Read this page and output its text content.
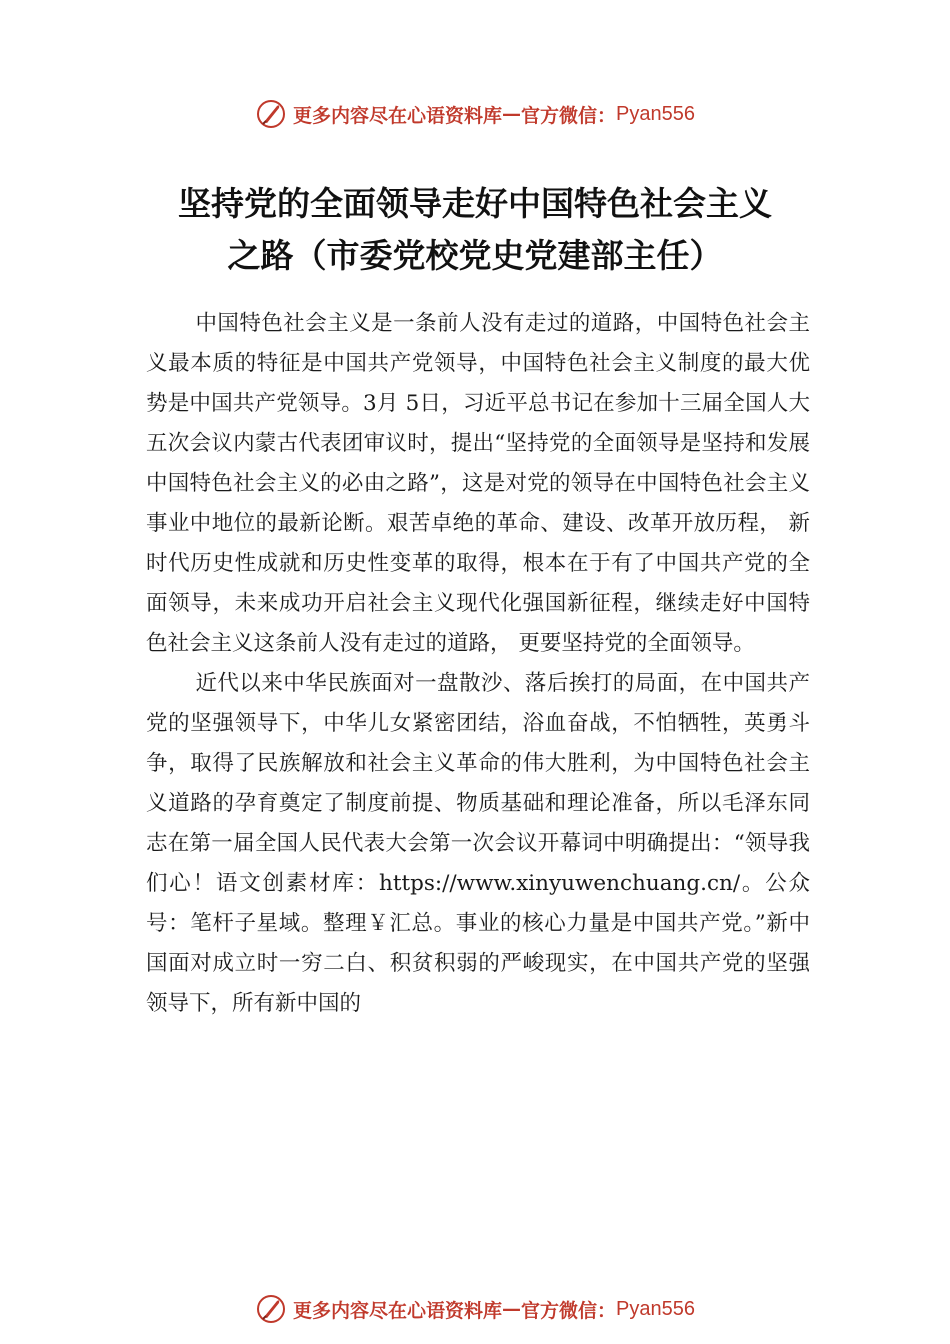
更多内容尽在心语资料库 — 官方微信： Pyan556
坚持党的全面领导走好中国特色社会主义
之路（市委党校党史党建部主任）

中国特色社会主义是一条前人没有走过的道路，中国特色社会主义最本质的特征是中国共产党领导，中国特色社会主义制度的最大优势是中国共产党领导。3月 5日，习近平总书记在参加十三届全国人大五次会议内蒙古代表团审议时，提出“坚持党的全面领导是坚持和发展中国特色社会主义的必由之路”，这是对党的领导在中国特色社会主义事业中地位的最新论断。艰苦卓绝的革命、建设、改革开放历程， 新时代历史性成就和历史性变革的取得，根本在于有了中国共产党的全面领导，未来成功开启社会主义现代化强国新征程，继续走好中国特色社会主义这条前人没有走过的道路， 更要坚持党的全面领导。

近代以来中华民族面对一盘散沙、落后挨打的局面，在中国共产党的坚强领导下，中华儿女紧密团结，浴血奋战，不怕牺牲，英勇斗争，取得了民族解放和社会主义革命的伟大胜利，为中国特色社会主义道路的孕育奠定了制度前提、物质基础和理论准备，所以毛泽东同志在第一届全国人民代表大会第一次会议开幕词中明确提出：“领导我们心！语文创素材库：https://www.xinyuwenchuang.cn/。公众号：笔杆子星域。整理￥汇总。事业的核心力量是中国共产党。”新中国面对成立时一穷二白、积贫积弱的严峻现实，在中国共产党的坚强领导下，所有新中国的

更多内容尽在心语资料库 — 官方微信： Pyan556
